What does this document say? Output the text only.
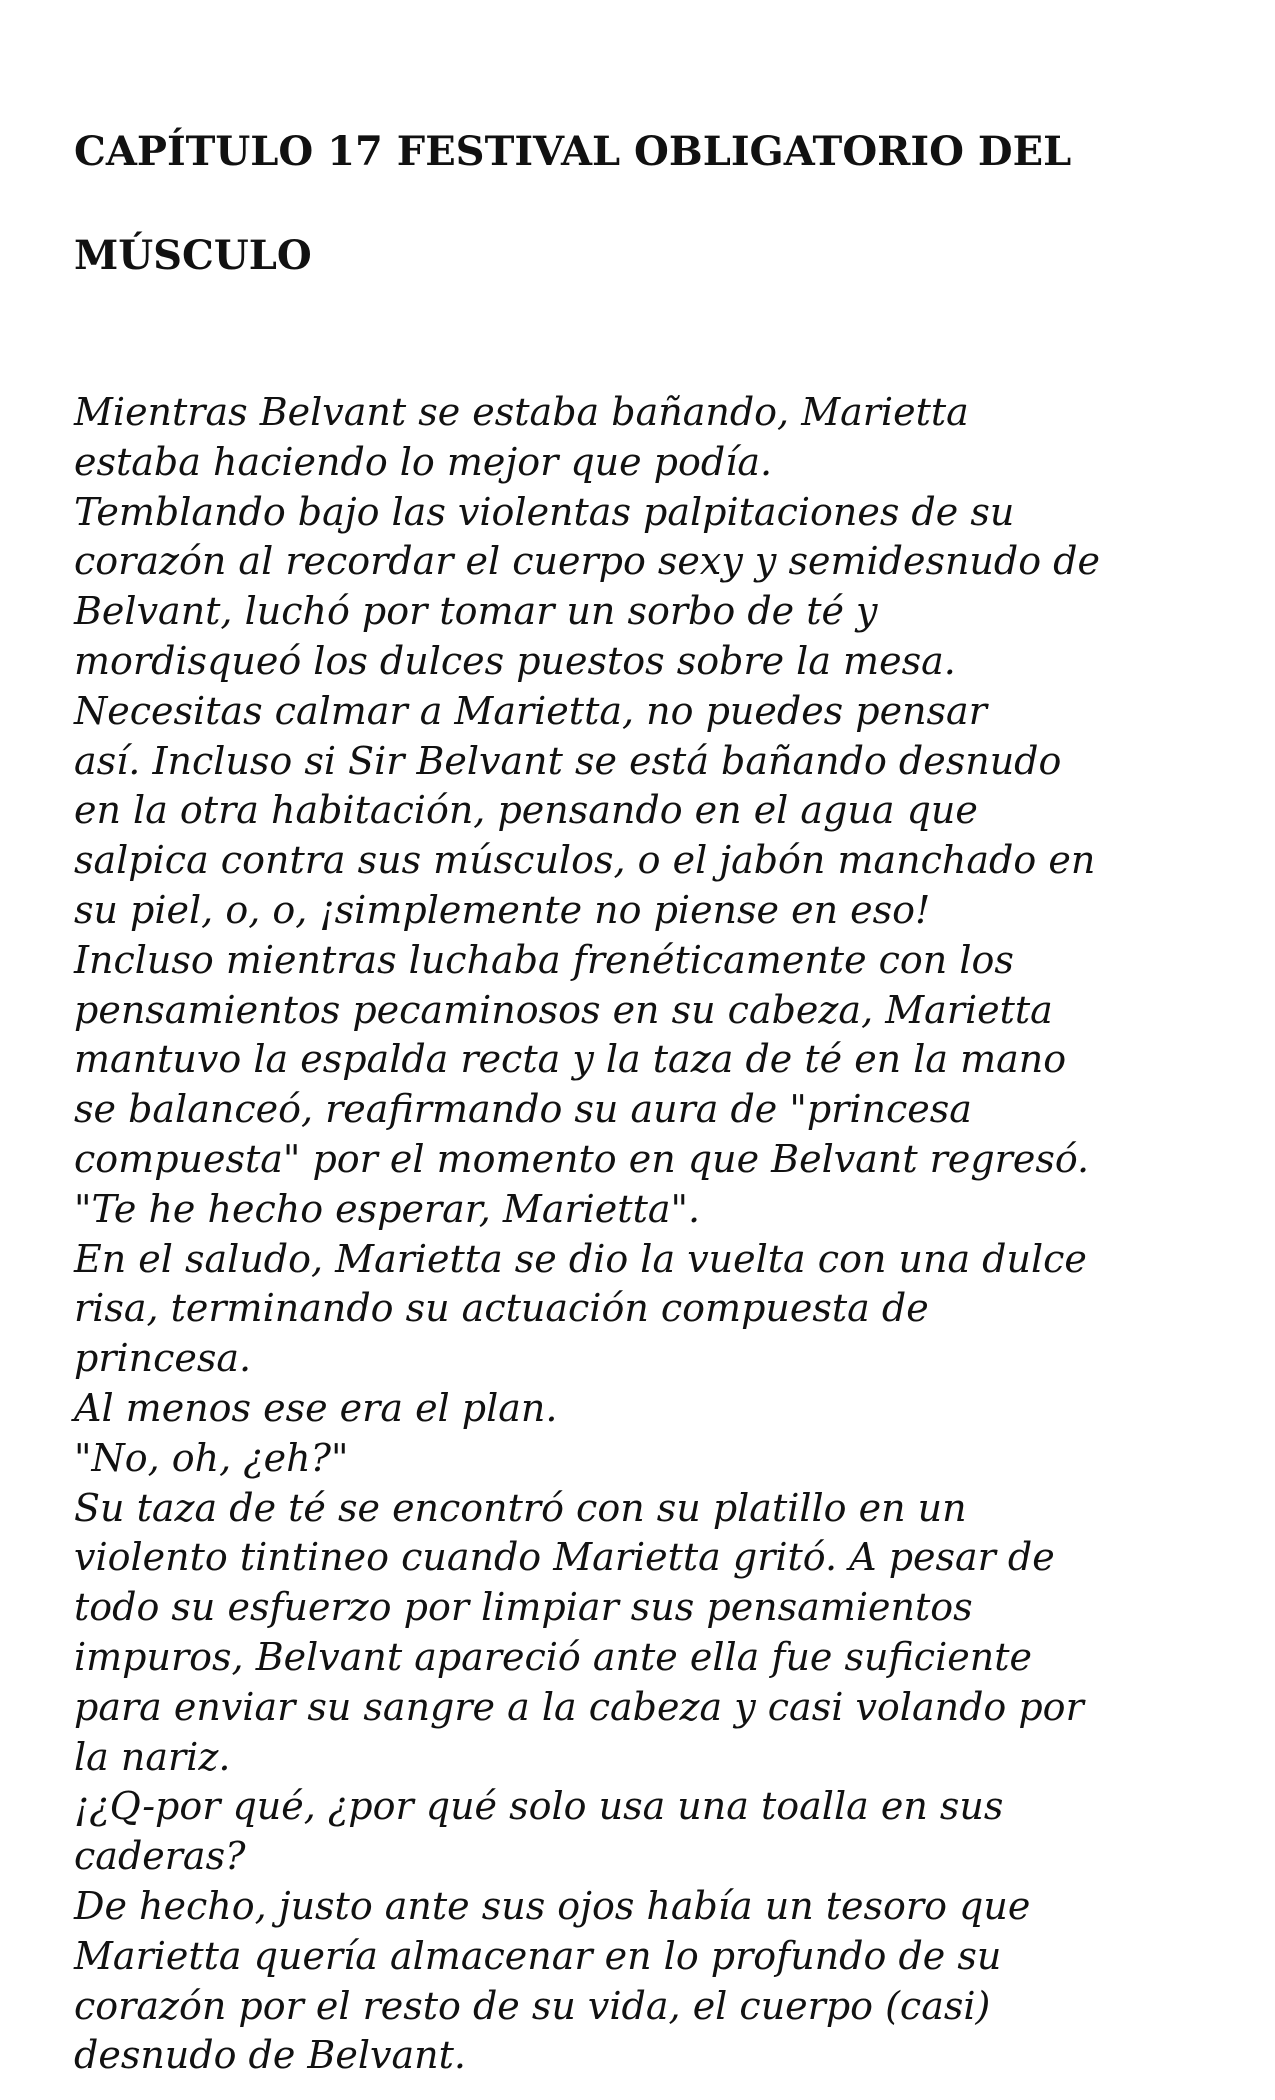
CAPÍTULO 17 FESTIVAL OBLIGATORIO DEL

MÚSCULO

Mientras Belvant se estaba bañando, Marietta
estaba haciendo lo mejor que podía.
Temblando bajo las violentas palpitaciones de su
corazón al recordar el cuerpo sexy y semidesnudo de
Belvant, luchó por tomar un sorbo de té y
mordisqueó los dulces puestos sobre la mesa.
Necesitas calmar a Marietta, no puedes pensar
así. Incluso si Sir Belvant se está bañando desnudo
en la otra habitación, pensando en el agua que
salpica contra sus músculos, o el jabón manchado en
su piel, o, o, ¡simplemente no piense en eso!
Incluso mientras luchaba frenéticamente con los
pensamientos pecaminosos en su cabeza, Marietta
mantuvo la espalda recta y la taza de té en la mano
se balanceó, reafirmando su aura de "princesa
compuesta" por el momento en que Belvant regresó.
"Te he hecho esperar, Marietta".
En el saludo, Marietta se dio la vuelta con una dulce
risa, terminando su actuación compuesta de
princesa.
Al menos ese era el plan.
"No, oh, ¿eh?"
Su taza de té se encontró con su platillo en un
violento tintineo cuando Marietta gritó. A pesar de
todo su esfuerzo por limpiar sus pensamientos
impuros, Belvant apareció ante ella fue suficiente
para enviar su sangre a la cabeza y casi volando por
la nariz.
¡¿Q-por qué, ¿por qué solo usa una toalla en sus
caderas?
De hecho, justo ante sus ojos había un tesoro que
Marietta quería almacenar en lo profundo de su
corazón por el resto de su vida, el cuerpo (casi)
desnudo de Belvant.
